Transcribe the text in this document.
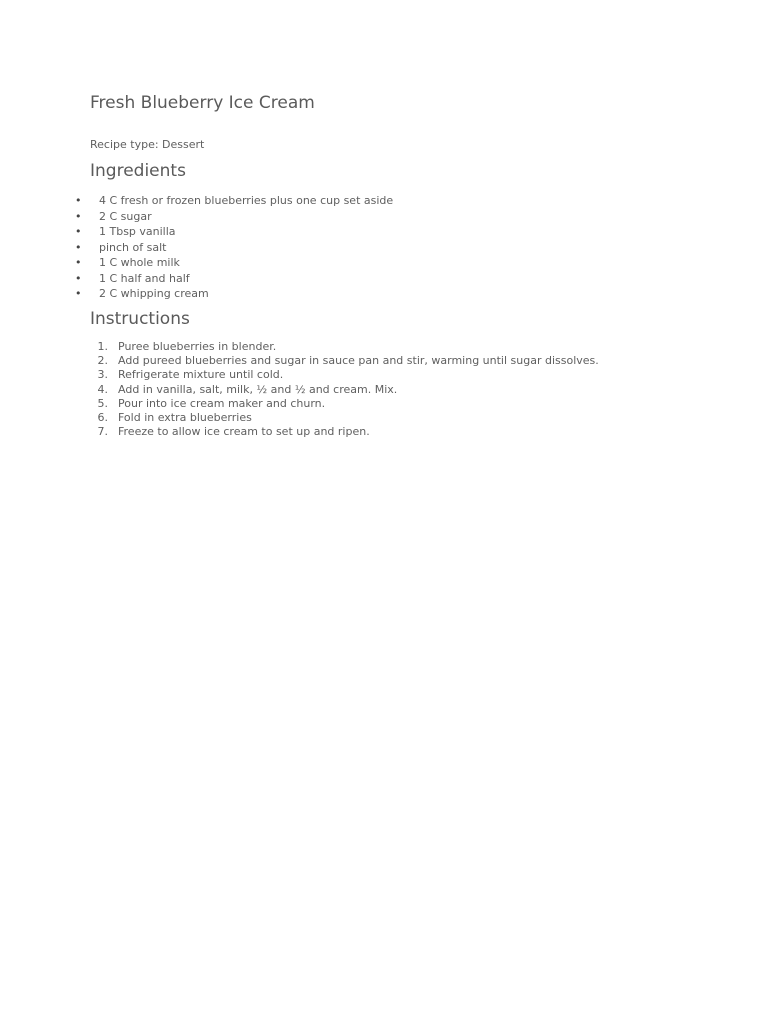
Fresh Blueberry Ice Cream

Recipe type: Dessert

Ingredients
• 4 C fresh or frozen blueberries plus one cup set aside
• 2 C sugar
• 1 Tbsp vanilla
• pinch of salt
• 1 C whole milk
• 1 C half and half
• 2 C whipping cream
Instructions
1. Puree blueberries in blender.
2. Add pureed blueberries and sugar in sauce pan and stir, warming until sugar dissolves.
3. Refrigerate mixture until cold.
4. Add in vanilla, salt, milk, ½ and ½ and cream. Mix.
5. Pour into ice cream maker and churn.
6. Fold in extra blueberries
7. Freeze to allow ice cream to set up and ripen.
